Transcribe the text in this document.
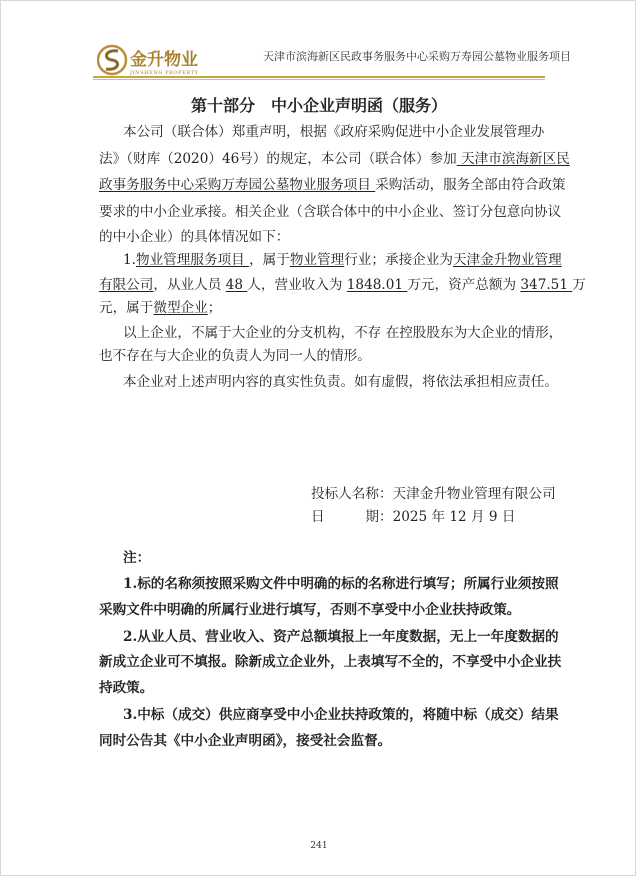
金升物业
JINSHENG PROPERTY
天津市滨海新区民政事务服务中心采购万寿园公墓物业服务项目
第十部分　中小企业声明函（服务）
本公司（联合体）郑重声明，根据《政府采购促进中小企业发展管理办
法》（财库（2020）46号）的规定，本公司（联合体）参加 天津市滨海新区民
政事务服务中心采购万寿园公墓物业服务项目 采购活动，服务全部由符合政策
要求的中小企业承接。相关企业（含联合体中的中小企业、签订分包意向协议
的中小企业）的具体情况如下：
1.物业管理服务项目 ，属于物业管理行业；承接企业为天津金升物业管理
有限公司，从业人员 48 人，营业收入为 1848.01 万元，资产总额为 347.51 万
元，属于微型企业；
以上企业，不属于大企业的分支机构，不存 在控股股东为大企业的情形，
也不存在与大企业的负责人为同一人的情形。
本企业对上述声明内容的真实性负责。如有虚假，将依法承担相应责任。
投标人名称：天津金升物业管理有限公司
日　　　期：2025 年 12 月 9 日
注：
1.标的名称须按照采购文件中明确的标的名称进行填写；所属行业须按照
采购文件中明确的所属行业进行填写，否则不享受中小企业扶持政策。
2.从业人员、营业收入、资产总额填报上一年度数据，无上一年度数据的
新成立企业可不填报。除新成立企业外，上表填写不全的，不享受中小企业扶
持政策。
3.中标（成交）供应商享受中小企业扶持政策的，将随中标（成交）结果
同时公告其《中小企业声明函》，接受社会监督。
241
